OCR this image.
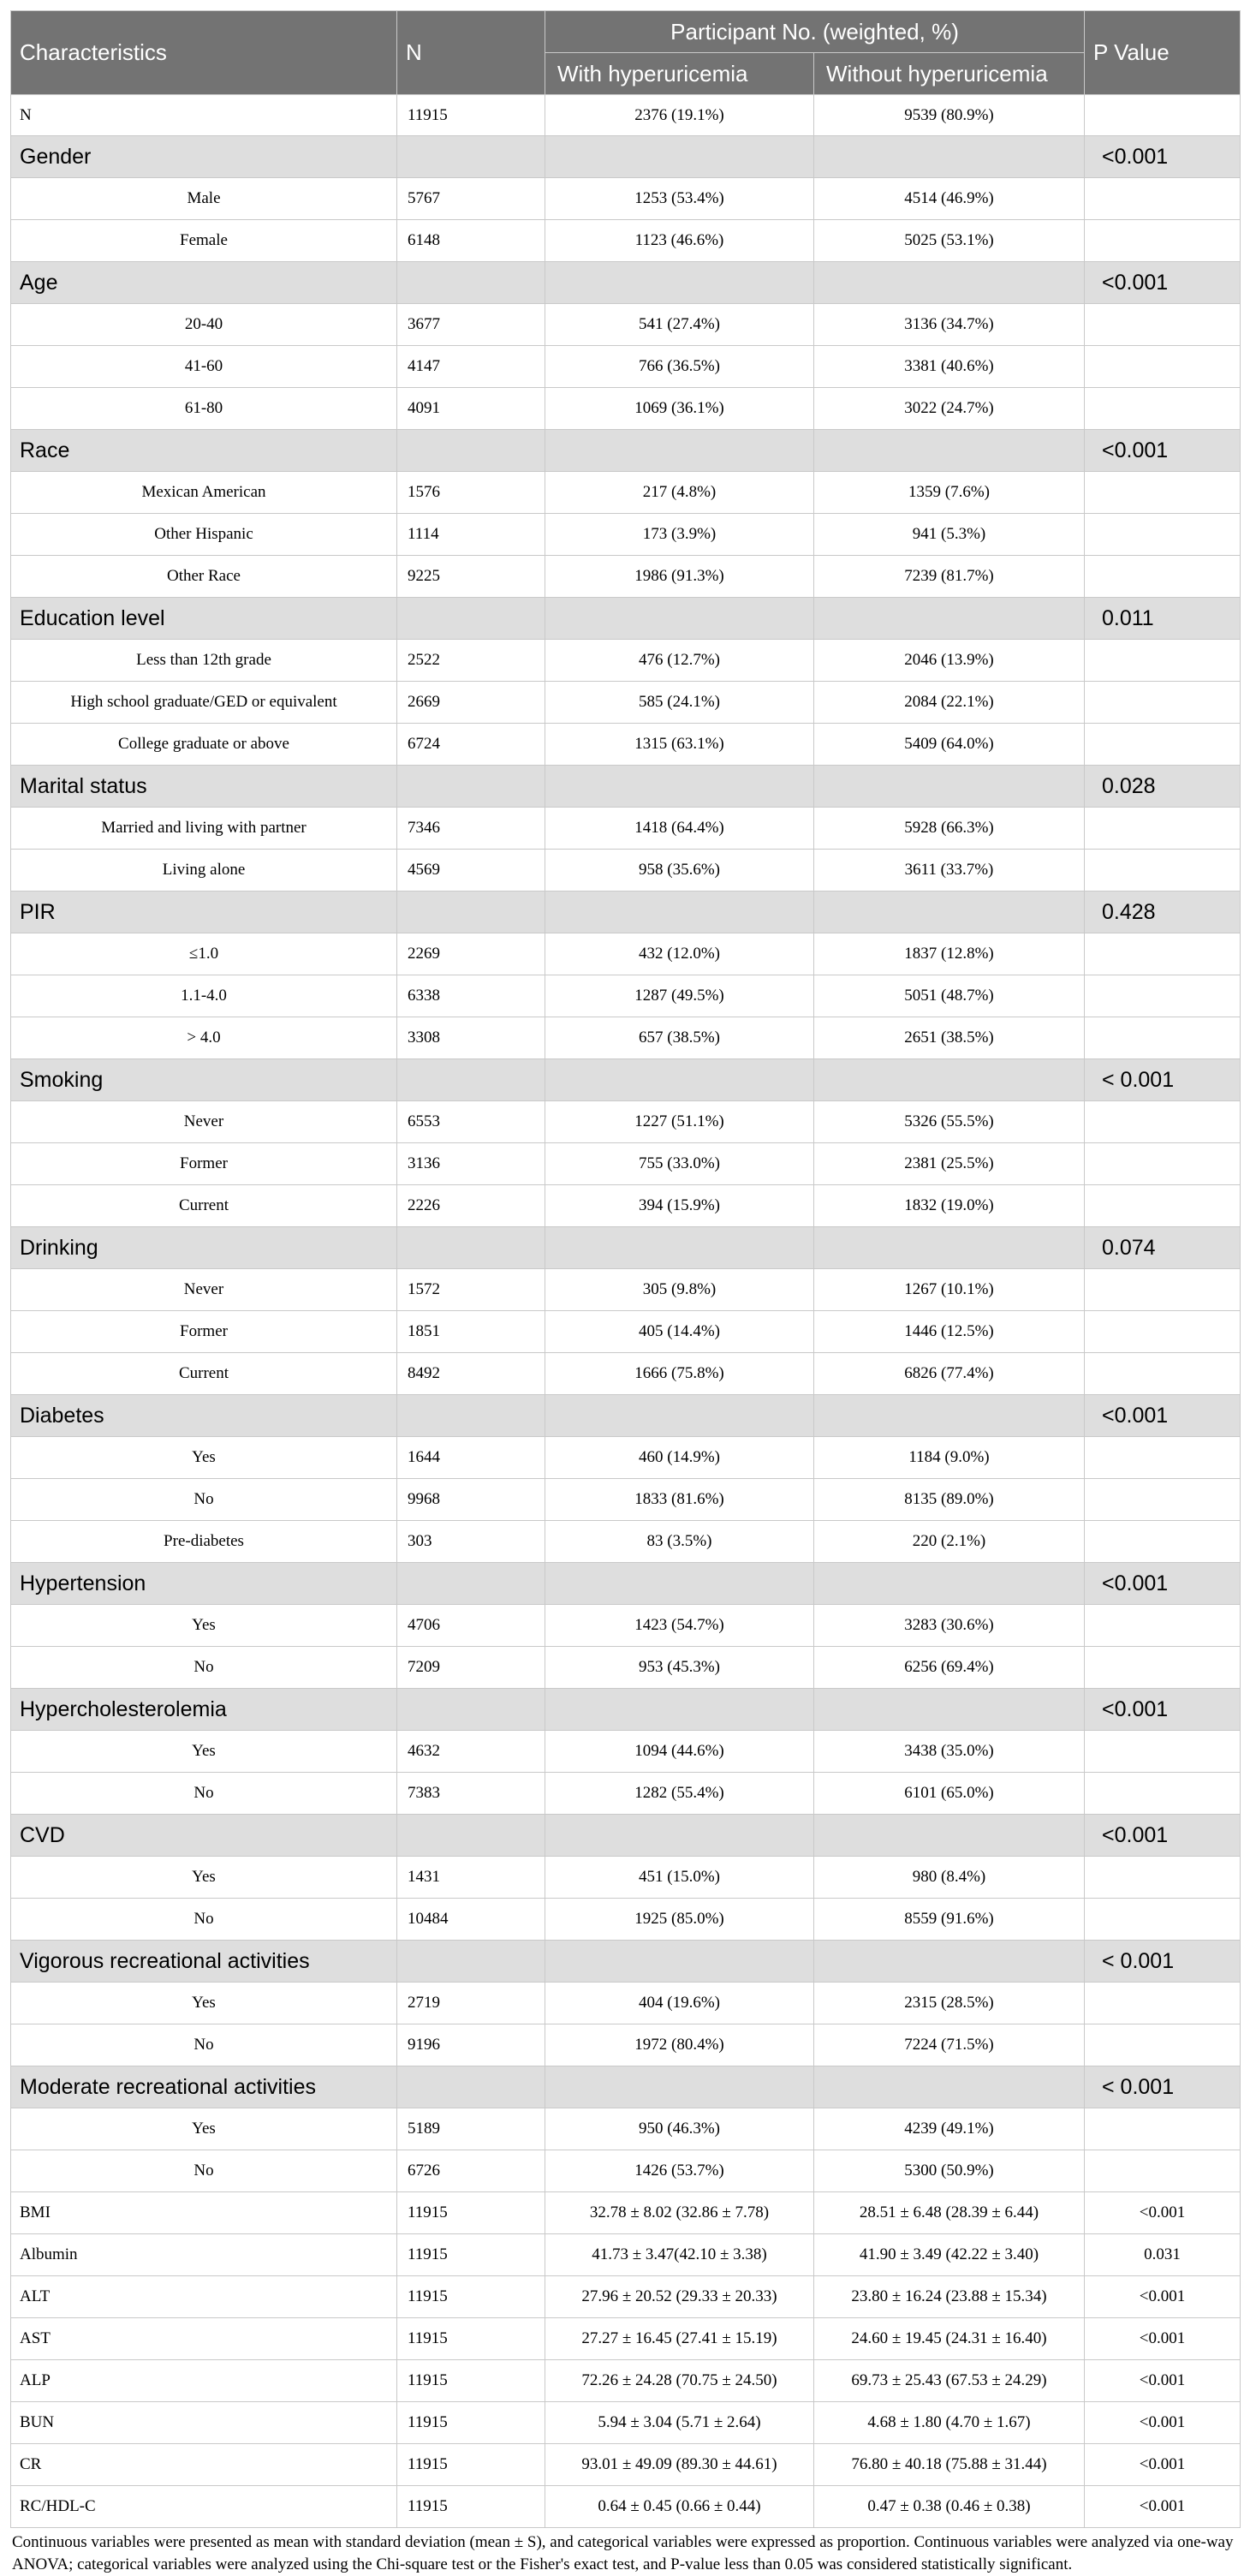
Characteristics	N	Participant No. (weighted, %)		P Value
		With hyperuricemia	Without hyperuricemia	
N	11915	2376 (19.1%)	9539 (80.9%)	
Gender				<0.001
Male	5767	1253 (53.4%)	4514 (46.9%)	
Female	6148	1123 (46.6%)	5025 (53.1%)	
Age				<0.001
20-40	3677	541 (27.4%)	3136 (34.7%)	
41-60	4147	766 (36.5%)	3381 (40.6%)	
61-80	4091	1069 (36.1%)	3022 (24.7%)	
Race				<0.001
Mexican American	1576	217 (4.8%)	1359 (7.6%)	
Other Hispanic	1114	173 (3.9%)	941 (5.3%)	
Other Race	9225	1986 (91.3%)	7239 (81.7%)	
Education level				0.011
Less than 12th grade	2522	476 (12.7%)	2046 (13.9%)	
High school graduate/GED or equivalent	2669	585 (24.1%)	2084 (22.1%)	
College graduate or above	6724	1315 (63.1%)	5409 (64.0%)	
Marital status				0.028
Married and living with partner	7346	1418 (64.4%)	5928 (66.3%)	
Living alone	4569	958 (35.6%)	3611 (33.7%)	
PIR				0.428
≤1.0	2269	432 (12.0%)	1837 (12.8%)	
1.1-4.0	6338	1287 (49.5%)	5051 (48.7%)	
> 4.0	3308	657 (38.5%)	2651 (38.5%)	
Smoking				< 0.001
Never	6553	1227 (51.1%)	5326 (55.5%)	
Former	3136	755 (33.0%)	2381 (25.5%)	
Current	2226	394 (15.9%)	1832 (19.0%)	
Drinking				0.074
Never	1572	305 (9.8%)	1267 (10.1%)	
Former	1851	405 (14.4%)	1446 (12.5%)	
Current	8492	1666 (75.8%)	6826 (77.4%)	
Diabetes				<0.001
Yes	1644	460 (14.9%)	1184 (9.0%)	
No	9968	1833 (81.6%)	8135 (89.0%)	
Pre-diabetes	303	83 (3.5%)	220 (2.1%)	
Hypertension				<0.001
Yes	4706	1423 (54.7%)	3283 (30.6%)	
No	7209	953 (45.3%)	6256 (69.4%)	
Hypercholesterolemia				<0.001
Yes	4632	1094 (44.6%)	3438 (35.0%)	
No	7383	1282 (55.4%)	6101 (65.0%)	
CVD				<0.001
Yes	1431	451 (15.0%)	980 (8.4%)	
No	10484	1925 (85.0%)	8559 (91.6%)	
Vigorous recreational activities				< 0.001
Yes	2719	404 (19.6%)	2315 (28.5%)	
No	9196	1972 (80.4%)	7224 (71.5%)	
Moderate recreational activities				< 0.001
Yes	5189	950 (46.3%)	4239 (49.1%)	
No	6726	1426 (53.7%)	5300 (50.9%)	
BMI	11915	32.78 ± 8.02 (32.86 ± 7.78)	28.51 ± 6.48 (28.39 ± 6.44)	<0.001
Albumin	11915	41.73 ± 3.47(42.10 ± 3.38)	41.90 ± 3.49 (42.22 ± 3.40)	0.031
ALT	11915	27.96 ± 20.52 (29.33 ± 20.33)	23.80 ± 16.24 (23.88 ± 15.34)	<0.001
AST	11915	27.27 ± 16.45 (27.41 ± 15.19)	24.60 ± 19.45 (24.31 ± 16.40)	<0.001
ALP	11915	72.26 ± 24.28 (70.75 ± 24.50)	69.73 ± 25.43 (67.53 ± 24.29)	<0.001
BUN	11915	5.94 ± 3.04 (5.71 ± 2.64)	4.68 ± 1.80 (4.70 ± 1.67)	<0.001
CR	11915	93.01 ± 49.09 (89.30 ± 44.61)	76.80 ± 40.18 (75.88 ± 31.44)	<0.001
RC/HDL-C	11915	0.64 ± 0.45 (0.66 ± 0.44)	0.47 ± 0.38 (0.46 ± 0.38)	<0.001
Continuous variables were presented as mean with standard deviation (mean ± S), and categorical variables were expressed as proportion. Continuous variables were analyzed via one-way ANOVA; categorical variables were analyzed using the Chi-square test or the Fisher's exact test, and P-value less than 0.05 was considered statistically significant.
